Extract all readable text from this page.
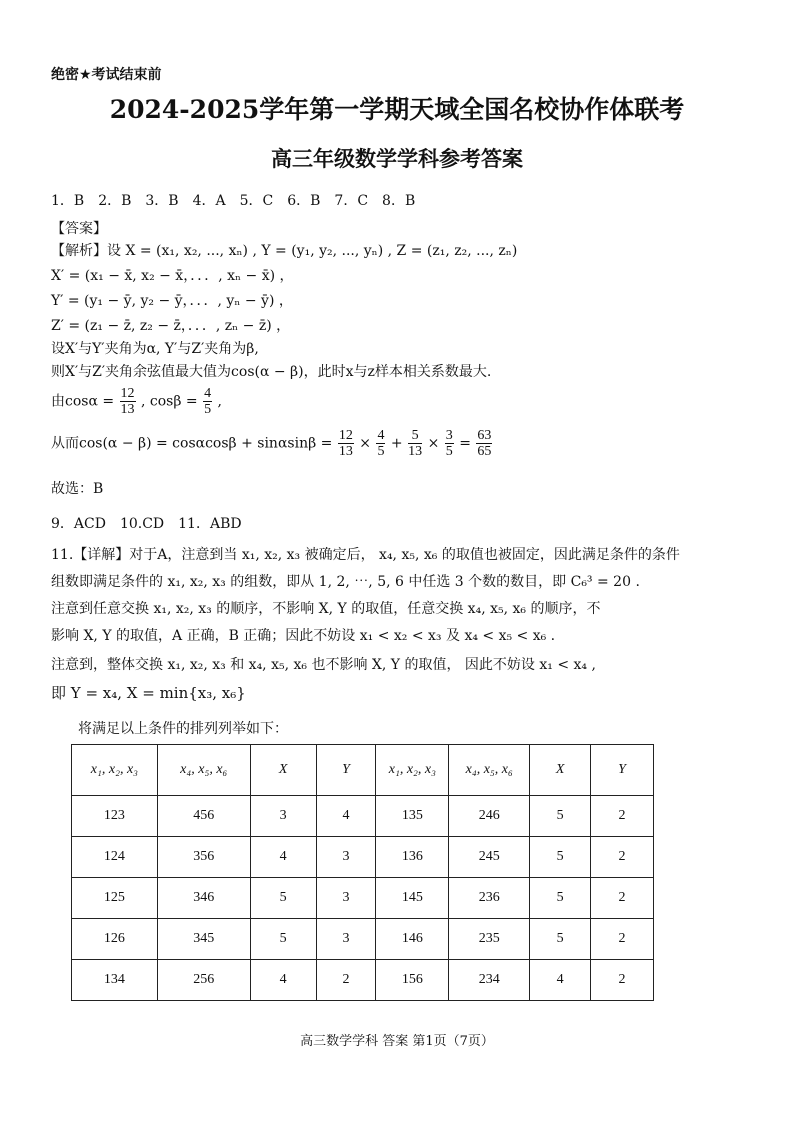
绝密★考试结束前
2024-2025学年第一学期天域全国名校协作体联考
高三年级数学学科参考答案
1．B　2．B　3．B　4．A　5．C　6．B　7．C　8．B
【答案】
【解析】设 X = (x₁, x₂, ..., xₙ) , Y = (y₁, y₂, ..., yₙ) , Z = (z₁, z₂, ..., zₙ)
X′ = (x₁ − x̄, x₂ − x̄，．．．, xₙ − x̄) ，
Y′ = (y₁ − ȳ, y₂ − ȳ，．．．, yₙ − ȳ) ，
Z′ = (z₁ − z̄, z₂ − z̄，．．．, zₙ − z̄) ，
设X′与Y′夹角为α, Y′与Z′夹角为β,
则X′与Z′夹角余弦值最大值为cos(α − β)，此时x与z样本相关系数最大.
由$\cos\alpha = \frac{12}{13}$ , $\cos\beta = \frac{4}{5}$ ,
从而$\cos(\alpha - \beta) = \cos\alpha\cos\beta + \sin\alpha\sin\beta = \frac{12}{13} \times \frac{4}{5} + \frac{5}{13} \times \frac{3}{5} = \frac{63}{65}$
故选：B
9．ACD　10.CD　11．ABD
11.【详解】对于A，注意到当 x₁, x₂, x₃ 被确定后， x₄, x₅, x₆ 的取值也被固定，因此满足条件的条件
组数即满足条件的 x₁, x₂, x₃ 的组数，即从 1, 2, ⋯, 5, 6 中任选 3 个数的数目，即 C₆³ = 20 .
注意到任意交换 x₁, x₂, x₃ 的顺序，不影响 X, Y 的取值，任意交换 x₄, x₅, x₆ 的顺序，不
影响 X, Y 的取值，A 正确，B 正确；因此不妨设 x₁ < x₂ < x₃ 及 x₄ < x₅ < x₆ .
注意到，整体交换 x₁, x₂, x₃ 和 x₄, x₅, x₆ 也不影响 X, Y 的取值， 因此不妨设 x₁ < x₄ ,
即 Y = x₄, X = min{x₃, x₆}
将满足以上条件的排列列举如下：
x₁, x₂, x₃	x₄, x₅, x₆	X	Y	x₁, x₂, x₃	x₄, x₅, x₆	X	Y
123	456	3	4	135	246	5	2
124	356	4	3	136	245	5	2
125	346	5	3	145	236	5	2
126	345	5	3	146	235	5	2
134	256	4	2	156	234	4	2
高三数学学科 答案 第1页（7页）
